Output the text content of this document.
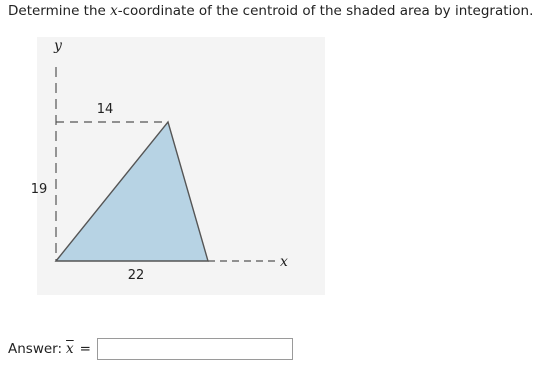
Determine the x-coordinate of the centroid of the shaded area by integration.
y
x
14
19
22
Answer: $\overline{x}$ =
